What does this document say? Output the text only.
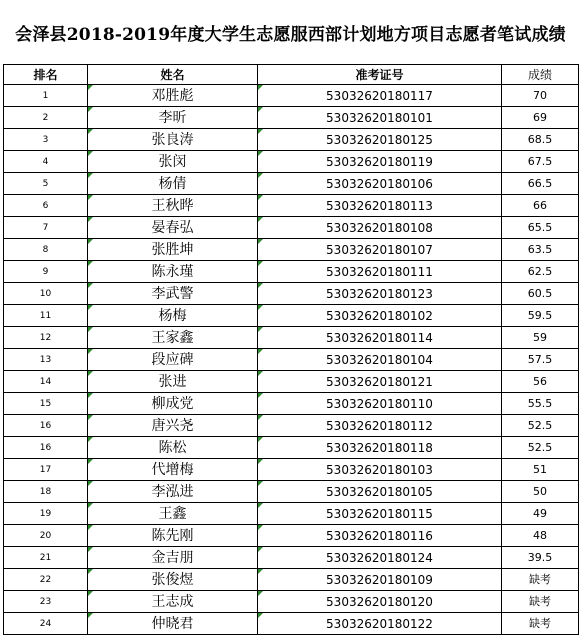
会泽县2018-2019年度大学生志愿服西部计划地方项目志愿者笔试成绩
排名	姓名	准考证号	成绩
1	邓胜彪	53032620180117	70
2	李昕	53032620180101	69
3	张良涛	53032620180125	68.5
4	张闵	53032620180119	67.5
5	杨倩	53032620180106	66.5
6	王秋晔	53032620180113	66
7	晏春弘	53032620180108	65.5
8	张胜坤	53032620180107	63.5
9	陈永瑾	53032620180111	62.5
10	李武警	53032620180123	60.5
11	杨梅	53032620180102	59.5
12	王家鑫	53032620180114	59
13	段应碑	53032620180104	57.5
14	张进	53032620180121	56
15	柳成党	53032620180110	55.5
16	唐兴尧	53032620180112	52.5
16	陈松	53032620180118	52.5
17	代增梅	53032620180103	51
18	李泓进	53032620180105	50
19	王鑫	53032620180115	49
20	陈先刚	53032620180116	48
21	金吉朋	53032620180124	39.5
22	张俊煜	53032620180109	缺考
23	王志成	53032620180120	缺考
24	仲晓君	53032620180122	缺考
